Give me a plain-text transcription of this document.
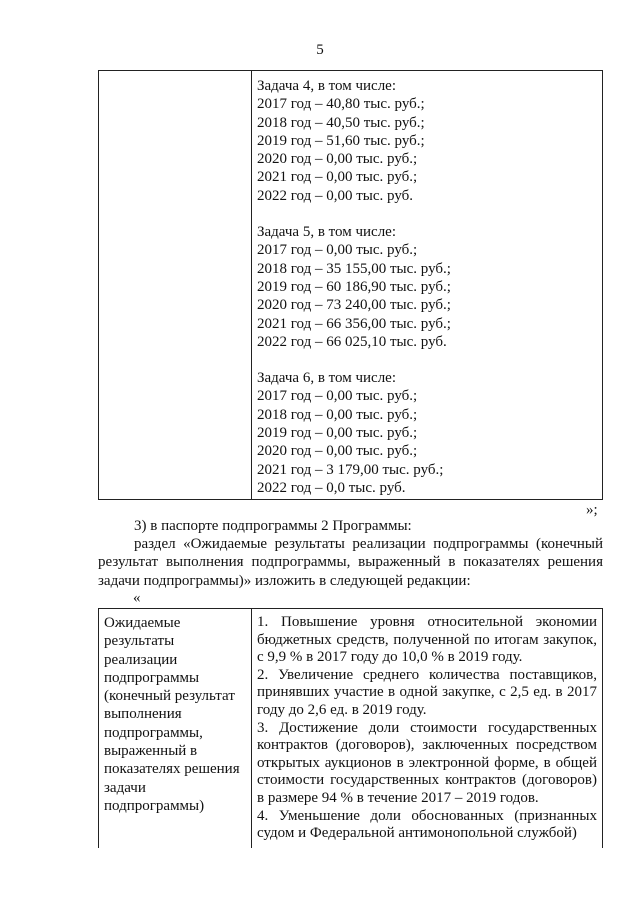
5
Задача 4, в том числе:
2017 год – 40,80 тыс. руб.;
2018 год – 40,50 тыс. руб.;
2019 год – 51,60 тыс. руб.;
2020 год – 0,00 тыс. руб.;
2021 год – 0,00 тыс. руб.;
2022 год – 0,00 тыс. руб.
Задача 5, в том числе:
2017 год – 0,00 тыс. руб.;
2018 год – 35 155,00 тыс. руб.;
2019 год – 60 186,90 тыс. руб.;
2020 год – 73 240,00 тыс. руб.;
2021 год – 66 356,00 тыс. руб.;
2022 год – 66 025,10 тыс. руб.
Задача 6, в том числе:
2017 год – 0,00 тыс. руб.;
2018 год – 0,00 тыс. руб.;
2019 год – 0,00 тыс. руб.;
2020 год – 0,00 тыс. руб.;
2021 год – 3 179,00 тыс. руб.;
2022 год – 0,0 тыс. руб.
»;
3) в паспорте подпрограммы 2 Программы:
раздел «Ожидаемые результаты реализации подпрограммы (конечный результат выполнения подпрограммы, выраженный в показателях решения задачи подпрограммы)» изложить в следующей редакции:
«
Ожидаемые
результаты
реализации
подпрограммы
(конечный результат
выполнения
подпрограммы,
выраженный в
показателях решения
задачи
подпрограммы)

1. Повышение уровня относительной экономии бюджетных средств, полученной по итогам закупок, с 9,9 % в 2017 году до 10,0 % в 2019 году.

2. Увеличение среднего количества поставщиков, принявших участие в одной закупке, с 2,5 ед. в 2017 году до 2,6 ед. в 2019 году.

3. Достижение доли стоимости государственных контрактов (договоров), заключенных посредством открытых аукционов в электронной форме, в общей стоимости государственных контрактов (договоров) в размере 94 % в течение 2017 – 2019 годов.

4. Уменьшение доли обоснованных (признанных судом и Федеральной антимонопольной службой)
